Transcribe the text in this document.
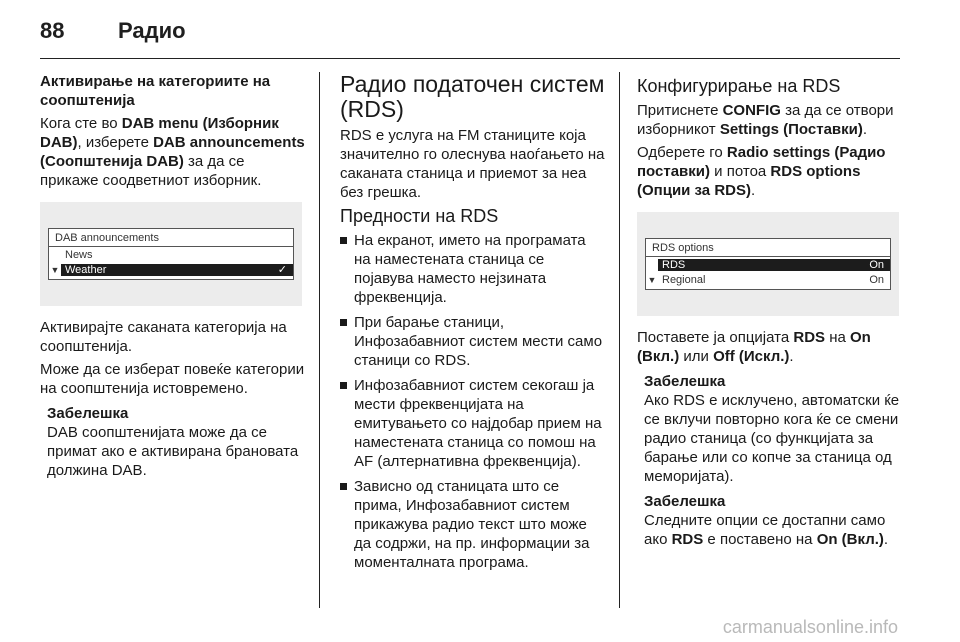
88 Радио

Активирање на категориите на соопштенија

Кога сте во DAB menu (Изборник DAB), изберете DAB announcements (Соопштенија DAB) за да се прикаже соодветниот изборник.

DAB announcements
News
▼ Weather	✓

Активирајте саканата категорија на соопштенија.

Може да се изберат повеќе категории на соопштенија истовремено.

Забелешка
DAB соопштенијата може да се примат ако е активирана брановата должина DAB.

Радио податочен систем (RDS)

RDS е услуга на FM станиците која значително го олеснува наоѓањето на саканата станица и приемот за неа без грешка.

Предности на RDS

На екранот, името на програмата на наместената станица се појавува наместо нејзината фреквенција.
При барање станици, Инфозабавниот систем мести само станици со RDS.
Инфозабавниот систем секогаш ја мести фреквенцијата на емитувањето со најдобар прием на наместената станица со помош на AF (алтернативна фреквенција).
Зависно од станицата што се прима, Инфозабавниот систем прикажува радио текст што може да содржи, на пр. информации за моменталната програма.

Конфигурирање на RDS

Притиснете CONFIG за да се отвори изборникот Settings (Поставки).

Одберете го Radio settings (Радио поставки) и потоа RDS options (Опции за RDS).

RDS options
RDS	On
▼ Regional	On

Поставете ја опцијата RDS на On (Вкл.) или Off (Искл.).

Забелешка
Ако RDS е исклучено, автоматски ќе се вклучи повторно кога ќе се смени радио станица (со функцијата за барање или со копче за станица од меморијата).
Забелешка
Следните опции се достапни само ако RDS е поставено на On (Вкл.).
carmanualsonline.info
